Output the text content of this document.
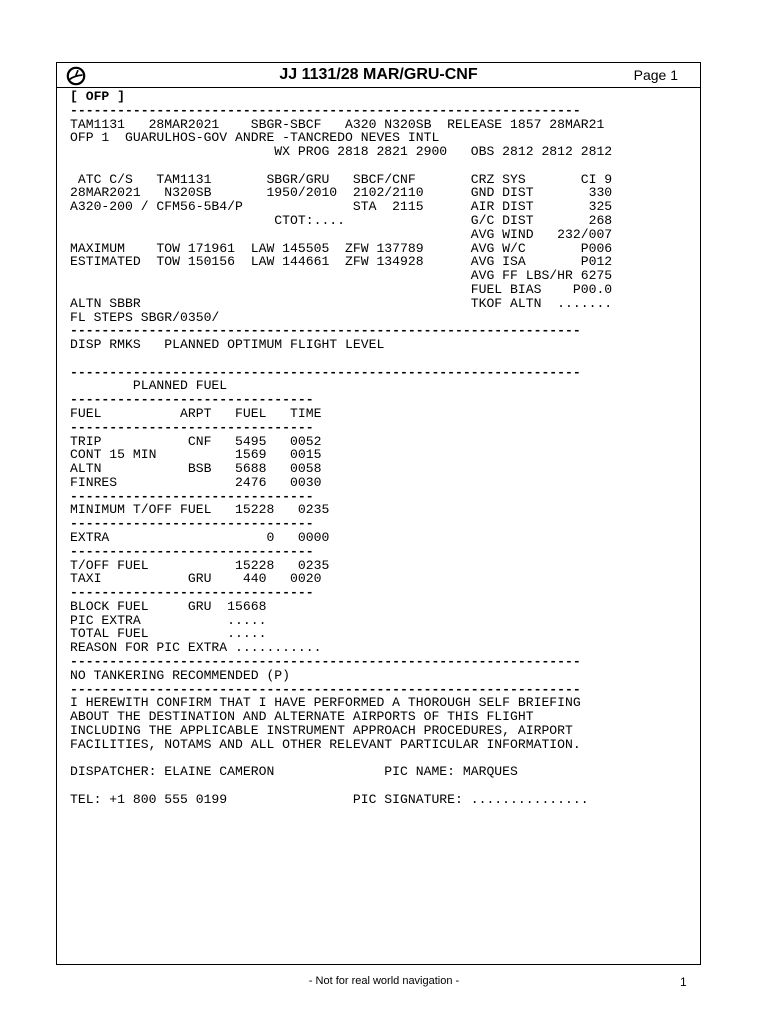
JJ 1131/28 MAR/GRU-CNF	Page 1
[ OFP ]
-----------------------------------------------------------------
TAM1131   28MAR2021    SBGR-SBCF   A320 N320SB  RELEASE 1857 28MAR21
OFP 1  GUARULHOS-GOV ANDRE -TANCREDO NEVES INTL
WX PROG 2818 2821 2900   OBS 2812 2812 2812

ATC C/S   TAM1131       SBGR/GRU   SBCF/CNF       CRZ SYS       CI 9
28MAR2021   N320SB       1950/2010  2102/2110      GND DIST       330
A320-200 / CFM56-5B4/P              STA  2115      AIR DIST       325
CTOT:....                G/C DIST       268
AVG WIND   232/007
MAXIMUM    TOW 171961  LAW 145505  ZFW 137789      AVG W/C       P006
ESTIMATED  TOW 150156  LAW 144661  ZFW 134928      AVG ISA       P012
AVG FF LBS/HR 6275
FUEL BIAS    P00.0
ALTN SBBR                                          TKOF ALTN  .......
FL STEPS SBGR/0350/
-----------------------------------------------------------------
DISP RMKS   PLANNED OPTIMUM FLIGHT LEVEL

-----------------------------------------------------------------
PLANNED FUEL
-------------------------------
FUEL          ARPT   FUEL   TIME
-------------------------------
TRIP           CNF   5495   0052
CONT 15 MIN          1569   0015
ALTN           BSB   5688   0058
FINRES               2476   0030
-------------------------------
MINIMUM T/OFF FUEL   15228   0235
-------------------------------
EXTRA                    0   0000
-------------------------------
T/OFF FUEL           15228   0235
TAXI           GRU    440   0020
-------------------------------
BLOCK FUEL     GRU  15668
PIC EXTRA           .....
TOTAL FUEL          .....
REASON FOR PIC EXTRA ...........
-----------------------------------------------------------------
NO TANKERING RECOMMENDED (P)
-----------------------------------------------------------------
I HEREWITH CONFIRM THAT I HAVE PERFORMED A THOROUGH SELF BRIEFING
ABOUT THE DESTINATION AND ALTERNATE AIRPORTS OF THIS FLIGHT
INCLUDING THE APPLICABLE INSTRUMENT APPROACH PROCEDURES, AIRPORT
FACILITIES, NOTAMS AND ALL OTHER RELEVANT PARTICULAR INFORMATION.

DISPATCHER: ELAINE CAMERON              PIC NAME: MARQUES

TEL: +1 800 555 0199                PIC SIGNATURE: ...............
- Not for real world navigation -	1
